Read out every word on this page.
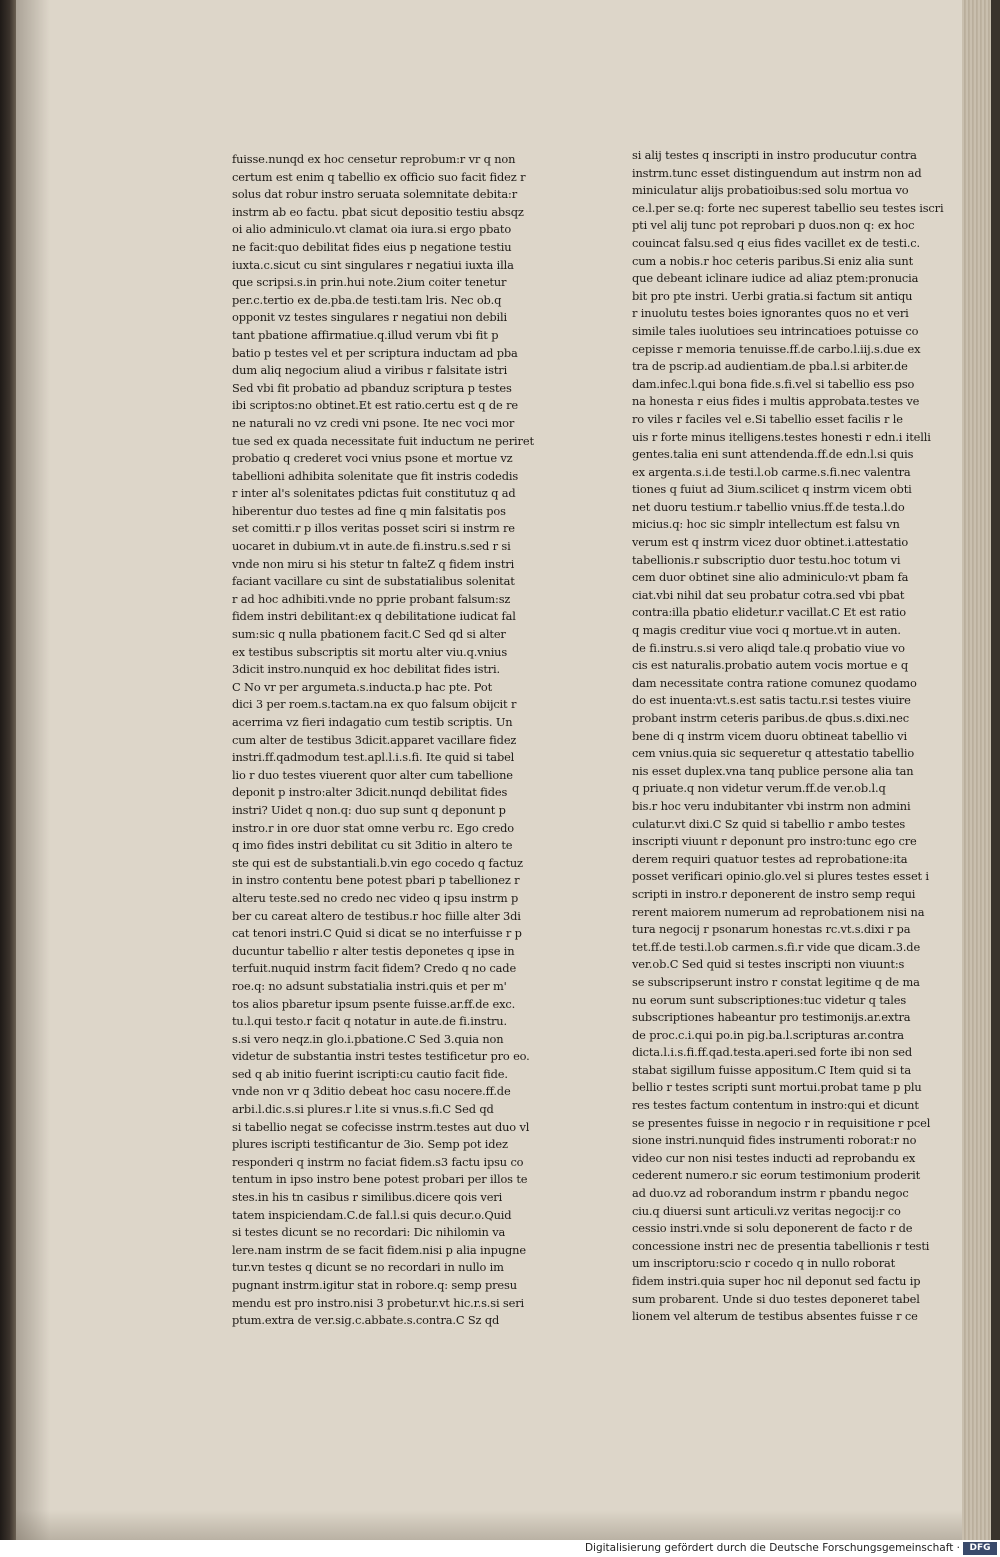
fuisse.nunqd ex hoc censetur reprobum:r vr q non
certum est enim q tabellio ex officio suo facit fidez r
solus dat robur instro seruata solemnitate debita:r
instrm ab eo factu. pbat sicut depositio testiu absqz
oi alio adminiculo.vt clamat oia iura.si ergo pbato
ne facit:quo debilitat fides eius p negatione testiu
iuxta.c.sicut cu sint singulares r negatiui iuxta illa
que scripsi.s.in prin.hui note.2ium coiter tenetur
per.c.tertio ex de.pba.de testi.tam lris. Nec ob.q
opponit vz testes singulares r negatiui non debili
tant pbatione affirmatiue.q.illud verum vbi fit p
batio p testes vel et per scriptura inductam ad pba
dum aliq negocium aliud a viribus r falsitate istri
Sed vbi fit probatio ad pbanduz scriptura p testes
ibi scriptos:no obtinet.Et est ratio.certu est q de re
ne naturali no vz credi vni psone. Ite nec voci mor
tue sed ex quada necessitate fuit inductum ne periret
probatio q crederet voci vnius psone et mortue vz
tabellioni adhibita solenitate que fit instris codedis
r inter al's solenitates pdictas fuit constitutuz q ad
hiberentur duo testes ad fine q min falsitatis pos
set comitti.r p illos veritas posset sciri si instrm re
uocaret in dubium.vt in aute.de fi.instru.s.sed r si
vnde non miru si his stetur tn falteZ q fidem instri
faciant vacillare cu sint de substatialibus solenitat
r ad hoc adhibiti.vnde no pprie probant falsum:sz
fidem instri debilitant:ex q debilitatione iudicat fal
sum:sic q nulla pbationem facit.C Sed qd si alter
ex testibus subscriptis sit mortu alter viu.q.vnius
3dicit instro.nunquid ex hoc debilitat fides istri.
C No vr per argumeta.s.inducta.p hac pte. Pot
dici 3 per roem.s.tactam.na ex quo falsum obijcit r
acerrima vz fieri indagatio cum testib scriptis. Un
cum alter de testibus 3dicit.apparet vacillare fidez
instri.ff.qadmodum test.apl.l.i.s.fi. Ite quid si tabel
lio r duo testes viuerent quor alter cum tabellione
deponit p instro:alter 3dicit.nunqd debilitat fides
instri? Uidet q non.q: duo sup sunt q deponunt p
instro.r in ore duor stat omne verbu rc. Ego credo
q imo fides instri debilitat cu sit 3ditio in altero te
ste qui est de substantiali.b.vin ego cocedo q factuz
in instro contentu bene potest pbari p tabellionez r
alteru teste.sed no credo nec video q ipsu instrm p
ber cu careat altero de testibus.r hoc fiille alter 3di
cat tenori instri.C Quid si dicat se no interfuisse r p
ducuntur tabellio r alter testis deponetes q ipse in
terfuit.nuquid instrm facit fidem? Credo q no cade
roe.q: no adsunt substatialia instri.quis et per m'
tos alios pbaretur ipsum psente fuisse.ar.ff.de exc.
tu.l.qui testo.r facit q notatur in aute.de fi.instru.
s.si vero neqz.in glo.i.pbatione.C Sed 3.quia non
videtur de substantia instri testes testificetur pro eo.
sed q ab initio fuerint iscripti:cu cautio facit fide.
vnde non vr q 3ditio debeat hoc casu nocere.ff.de
arbi.l.dic.s.si plures.r l.ite si vnus.s.fi.C Sed qd
si tabellio negat se cofecisse instrm.testes aut duo vl
plures iscripti testificantur de 3io. Semp pot idez
responderi q instrm no faciat fidem.s3 factu ipsu co
tentum in ipso instro bene potest probari per illos te
stes.in his tn casibus r similibus.dicere qois veri
tatem inspiciendam.C.de fal.l.si quis decur.o.Quid
si testes dicunt se no recordari: Dic nihilomin va
lere.nam instrm de se facit fidem.nisi p alia inpugne
tur.vn testes q dicunt se no recordari in nullo im
pugnant instrm.igitur stat in robore.q: semp presu
mendu est pro instro.nisi 3 probetur.vt hic.r.s.si seri
ptum.extra de ver.sig.c.abbate.s.contra.C Sz qd
si alij testes q inscripti in instro producutur contra
instrm.tunc esset distinguendum aut instrm non ad
miniculatur alijs probatioibus:sed solu mortua vo
ce.l.per se.q: forte nec superest tabellio seu testes iscri
pti vel alij tunc pot reprobari p duos.non q: ex hoc
couincat falsu.sed q eius fides vacillet ex de testi.c.
cum a nobis.r hoc ceteris paribus.Si eniz alia sunt
que debeant iclinare iudice ad aliaz ptem:pronucia
bit pro pte instri. Uerbi gratia.si factum sit antiqu
r inuolutu testes boies ignorantes quos no et veri
simile tales iuolutioes seu intrincatioes potuisse co
cepisse r memoria tenuisse.ff.de carbo.l.iij.s.due ex
tra de pscrip.ad audientiam.de pba.l.si arbiter.de
dam.infec.l.qui bona fide.s.fi.vel si tabellio ess pso
na honesta r eius fides i multis approbata.testes ve
ro viles r faciles vel e.Si tabellio esset facilis r le
uis r forte minus itelligens.testes honesti r edn.i itelli
gentes.talia eni sunt attendenda.ff.de edn.l.si quis
ex argenta.s.i.de testi.l.ob carme.s.fi.nec valentra
tiones q fuiut ad 3ium.scilicet q instrm vicem obti
net duoru testium.r tabellio vnius.ff.de testa.l.do
micius.q: hoc sic simplr intellectum est falsu vn
verum est q instrm vicez duor obtinet.i.attestatio
tabellionis.r subscriptio duor testu.hoc totum vi
cem duor obtinet sine alio adminiculo:vt pbam fa
ciat.vbi nihil dat seu probatur cotra.sed vbi pbat
contra:illa pbatio elidetur.r vacillat.C Et est ratio
q magis creditur viue voci q mortue.vt in auten.
de fi.instru.s.si vero aliqd tale.q probatio viue vo
cis est naturalis.probatio autem vocis mortue e q
dam necessitate contra ratione comunez quodamo
do est inuenta:vt.s.est satis tactu.r.si testes viuire
probant instrm ceteris paribus.de qbus.s.dixi.nec
bene di q instrm vicem duoru obtineat tabellio vi
cem vnius.quia sic sequeretur q attestatio tabellio
nis esset duplex.vna tanq publice persone alia tan
q priuate.q non videtur verum.ff.de ver.ob.l.q
bis.r hoc veru indubitanter vbi instrm non admini
culatur.vt dixi.C Sz quid si tabellio r ambo testes
inscripti viuunt r deponunt pro instro:tunc ego cre
derem requiri quatuor testes ad reprobatione:ita
posset verificari opinio.glo.vel si plures testes esset i
scripti in instro.r deponerent de instro semp requi
rerent maiorem numerum ad reprobationem nisi na
tura negocij r psonarum honestas rc.vt.s.dixi r pa
tet.ff.de testi.l.ob carmen.s.fi.r vide que dicam.3.de
ver.ob.C Sed quid si testes inscripti non viuunt:s
se subscripserunt instro r constat legitime q de ma
nu eorum sunt subscriptiones:tuc videtur q tales
subscriptiones habeantur pro testimonijs.ar.extra
de proc.c.i.qui po.in pig.ba.l.scripturas ar.contra
dicta.l.i.s.fi.ff.qad.testa.aperi.sed forte ibi non sed
stabat sigillum fuisse appositum.C Item quid si ta
bellio r testes scripti sunt mortui.probat tame p plu
res testes factum contentum in instro:qui et dicunt
se presentes fuisse in negocio r in requisitione r pcel
sione instri.nunquid fides instrumenti roborat:r no
video cur non nisi testes inducti ad reprobandu ex
cederent numero.r sic eorum testimonium proderit
ad duo.vz ad roborandum instrm r pbandu negoc
ciu.q diuersi sunt articuli.vz veritas negocij:r co
cessio instri.vnde si solu deponerent de facto r de
concessione instri nec de presentia tabellionis r testi
um inscriptoru:scio r cocedo q in nullo roborat
fidem instri.quia super hoc nil deponut sed factu ip
sum probarent. Unde si duo testes deponeret tabel
lionem vel alterum de testibus absentes fuisse r ce
Digitalisierung gefördert durch die Deutsche Forschungsgemeinschaft ·	DFG
